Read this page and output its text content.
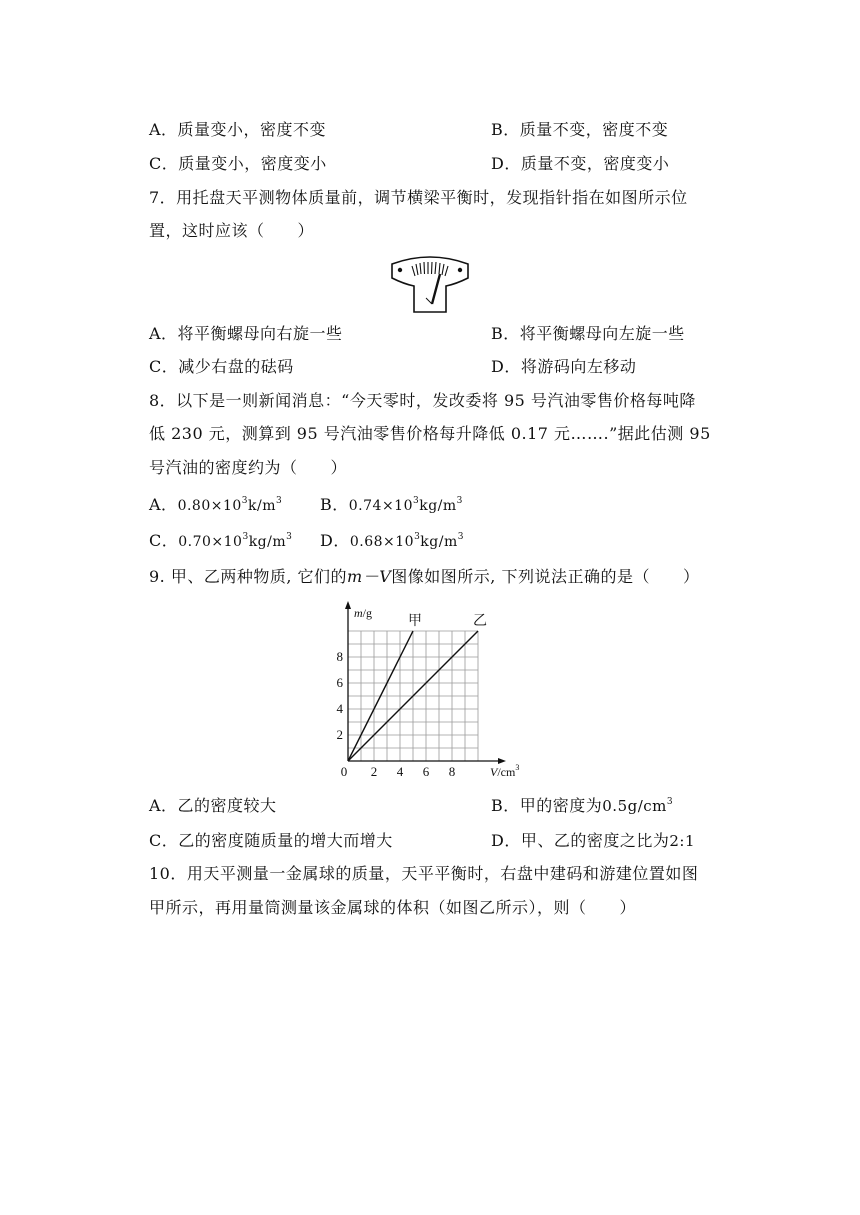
A．质量变小，密度不变	B．质量不变，密度不变
C．质量变小，密度变小	D．质量不变，密度变小
7．用托盘天平测物体质量前，调节横梁平衡时，发现指针指在如图所示位
置，这时应该（　　）
A．将平衡螺母向右旋一些	B．将平衡螺母向左旋一些
C．减少右盘的砝码	D．将游码向左移动
8．以下是一则新闻消息：“今天零时，发改委将 95 号汽油零售价格每吨降
低 230 元，测算到 95 号汽油零售价格每升降低 0.17 元…….”据此估测 95
号汽油的密度约为（　　）
A．$0.80\times 10^3k/m^3$ B．$0.74\times 10^3kg/m^3$
C．$0.70\times 10^3kg/m^3$ D．$0.68\times 10^3kg/m^3$
9. 甲、乙两种物质, 它们的m－V图像如图所示, 下列说法正确的是（　　）
0 2 4 6 8
2
4
6
8
m/g
$V/cm^3$
甲	乙
A．乙的密度较大	B．甲的密度为$0.5g/cm^3$
C．乙的密度随质量的增大而增大	D．甲、乙的密度之比为2:1
10．用天平测量一金属球的质量，天平平衡时，右盘中建码和游建位置如图
甲所示，再用量筒测量该金属球的体积（如图乙所示），则（　　）
